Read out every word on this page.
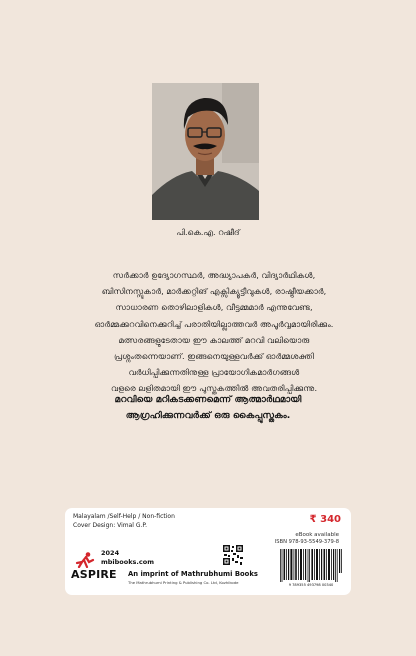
പി.കെ.എ. റഷീദ്

സർക്കാർ ഉദ്യോഗസ്ഥർ, അദ്ധ്യാപകർ, വിദ്യാർഥികൾ,

ബിസിനസ്സുകാർ, മാർക്കറ്റിങ് എക്സിക്യൂട്ടീവുകൾ, രാഷ്ട്രീയക്കാർ,

സാധാരണ തൊഴിലാളികൾ, വീട്ടമ്മമാർ എന്നുവേണ്ട,

ഓർമ്മക്കുറവിനെക്കുറിച്ച് പരാതിയില്ലാത്തവർ അപൂർവ്വമായിരിക്കും.

മത്സരങ്ങളുടേതായ ഈ കാലത്ത് മറവി വലിയൊരു

പ്രശ്നംതന്നെയാണ്. ഇങ്ങനെയുള്ളവർക്ക് ഓർമ്മശക്തി

വർധിപ്പിക്കുന്നതിനുള്ള പ്രായോഗികമാർഗങ്ങൾ

വളരെ ലളിതമായി ഈ പുസ്തകത്തിൽ അവതരിപ്പിക്കുന്നു.

മറവിയെ മറികടക്കണമെന്ന് ആത്മാർഥമായി

ആഗ്രഹിക്കുന്നവർക്ക് ഒരു കൈപ്പുസ്തകം.

Malayalam /Self-Help / Non-fiction
Cover Design: Vimal G.P.
₹ 340
eBook available
ISBN 978-93-5549-379-8
2024
mbibooks.com
ASPIRE An imprint of Mathrubhumi Books
The Mathrubhumi Printing & Publishing Co. Ltd, Kozhikode	9 789355 493798 00340
